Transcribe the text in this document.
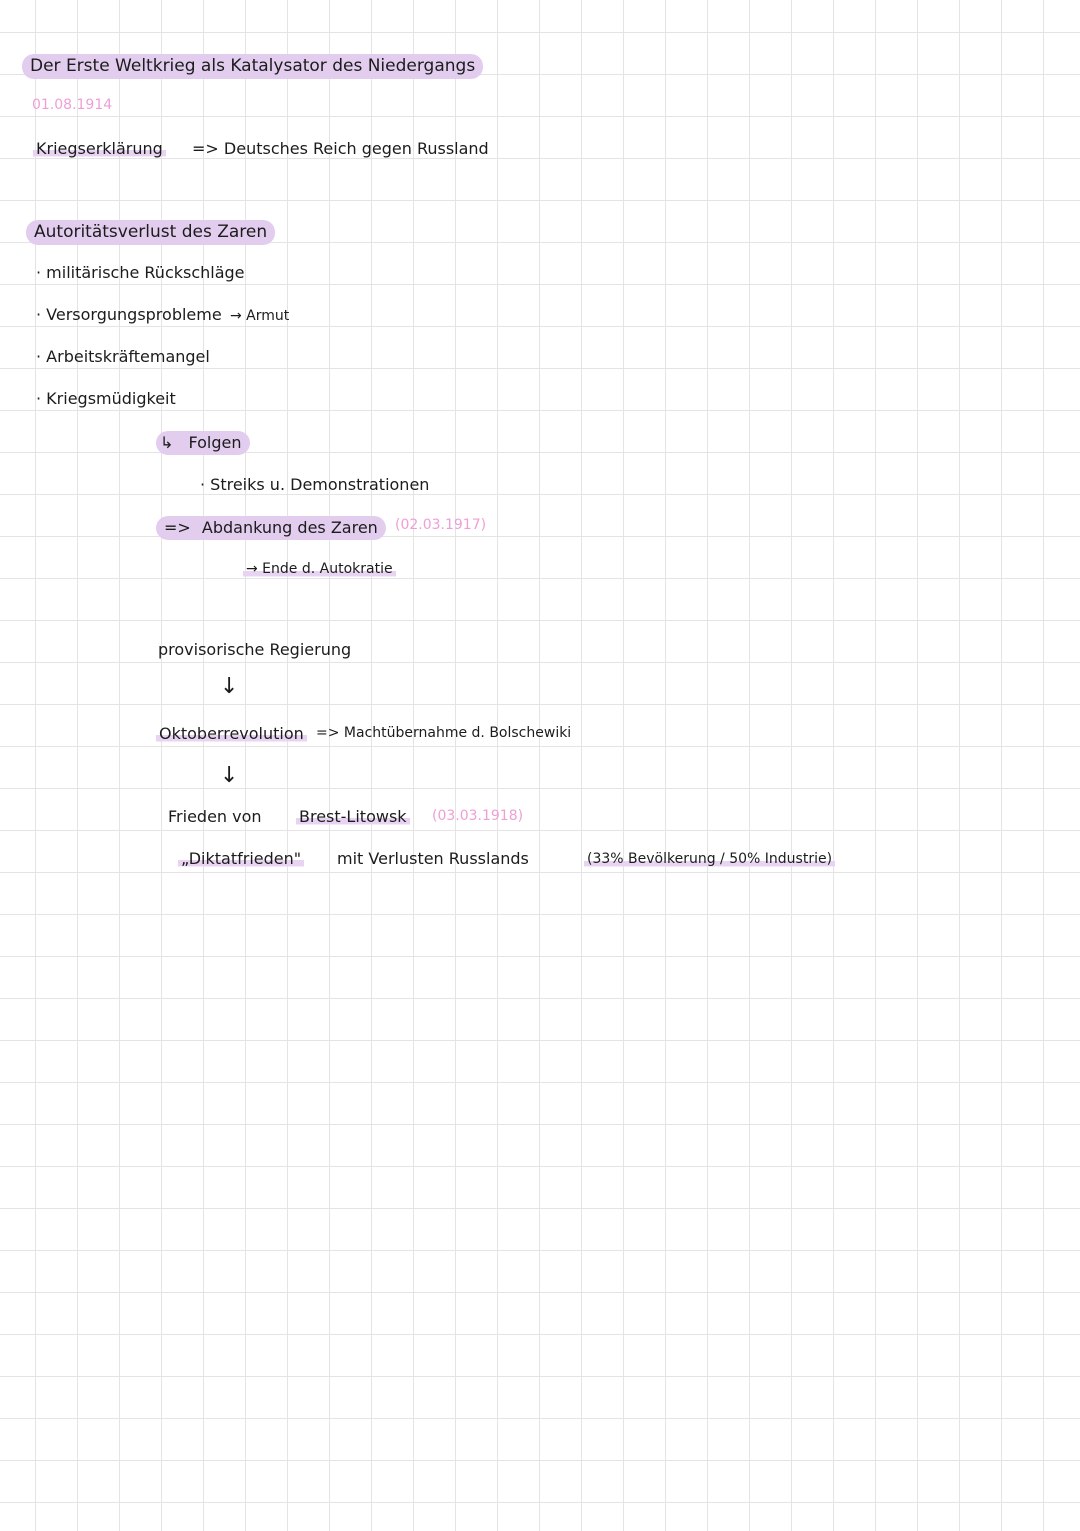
Der Erste Weltkrieg als Katalysator des Niedergangs
01.08.1914
Kriegserklärung => Deutsches Reich gegen Russland
Autoritätsverlust des Zaren
· militärische Rückschläge
· Versorgungsprobleme → Armut
· Arbeitskräftemangel
· Kriegsmüdigkeit
↳ Folgen
· Streiks u. Demonstrationen
=> Abdankung des Zaren	(02.03.1917)
→ Ende d. Autokratie
provisorische Regierung
↓
Oktoberrevolution => Machtübernahme d. Bolschewiki
↓
Frieden von Brest-Litowsk (03.03.1918)
„Diktatfrieden" mit Verlusten Russlands	(33% Bevölkerung / 50% Industrie)
